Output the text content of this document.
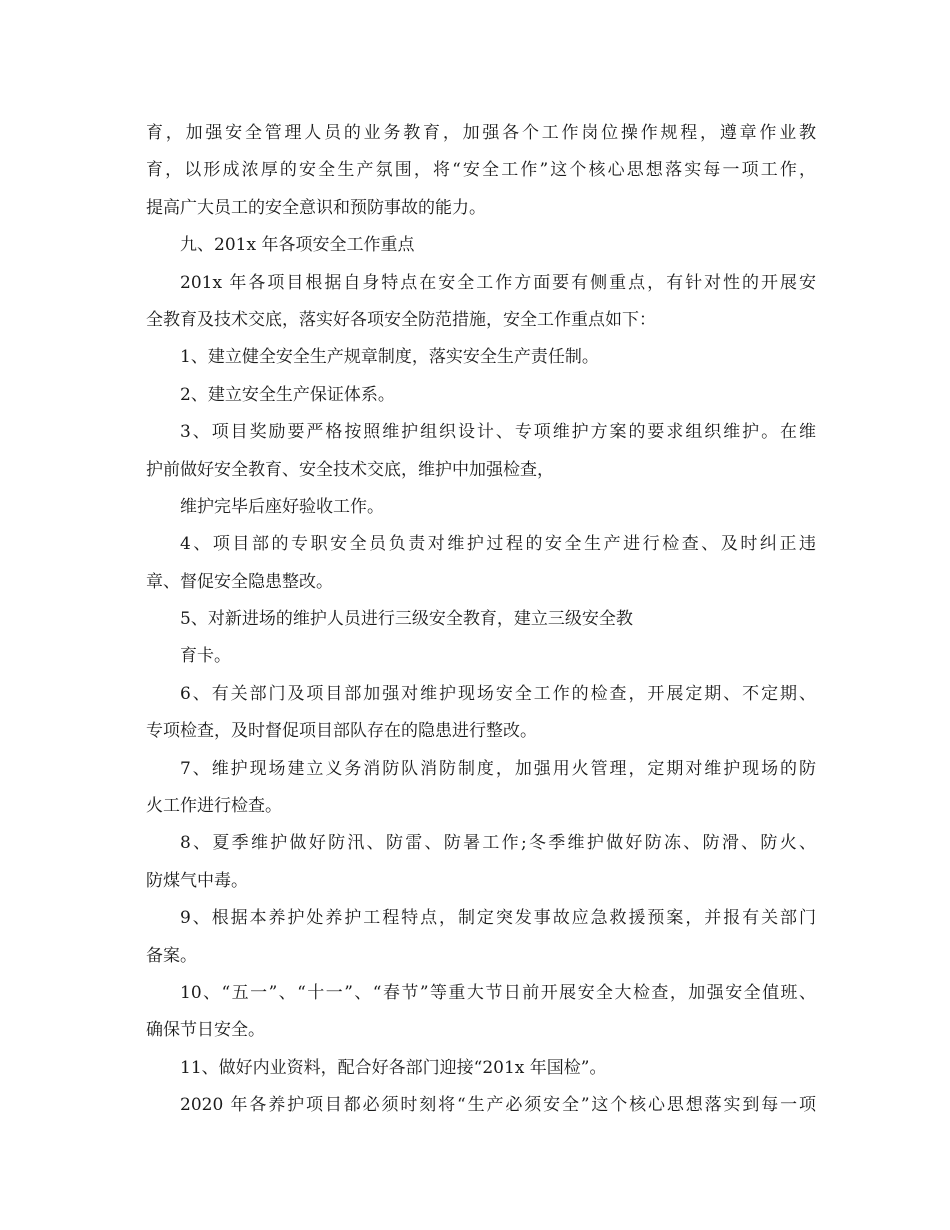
育，加强安全管理人员的业务教育，加强各个工作岗位操作规程，遵章作业教
育，以形成浓厚的安全生产氛围，将“安全工作”这个核心思想落实每一项工作，
提高广大员工的安全意识和预防事故的能力。
九、201x 年各项安全工作重点
201x 年各项目根据自身特点在安全工作方面要有侧重点，有针对性的开展安
全教育及技术交底，落实好各项安全防范措施，安全工作重点如下：
1、建立健全安全生产规章制度，落实安全生产责任制。
2、建立安全生产保证体系。
3、项目奖励要严格按照维护组织设计、专项维护方案的要求组织维护。在维
护前做好安全教育、安全技术交底，维护中加强检查，
维护完毕后座好验收工作。
4、项目部的专职安全员负责对维护过程的安全生产进行检查、及时纠正违
章、督促安全隐患整改。
5、对新进场的维护人员进行三级安全教育，建立三级安全教
育卡。
6、有关部门及项目部加强对维护现场安全工作的检查，开展定期、不定期、
专项检查，及时督促项目部队存在的隐患进行整改。
7、维护现场建立义务消防队消防制度，加强用火管理，定期对维护现场的防
火工作进行检查。
8、夏季维护做好防汛、防雷、防暑工作;冬季维护做好防冻、防滑、防火、
防煤气中毒。
9、根据本养护处养护工程特点，制定突发事故应急救援预案，并报有关部门
备案。
10、“五一”、“十一”、“春节”等重大节日前开展安全大检查，加强安全值班、
确保节日安全。
11、做好内业资料，配合好各部门迎接“201x 年国检”。
2020 年各养护项目都必须时刻将“生产必须安全”这个核心思想落实到每一项
